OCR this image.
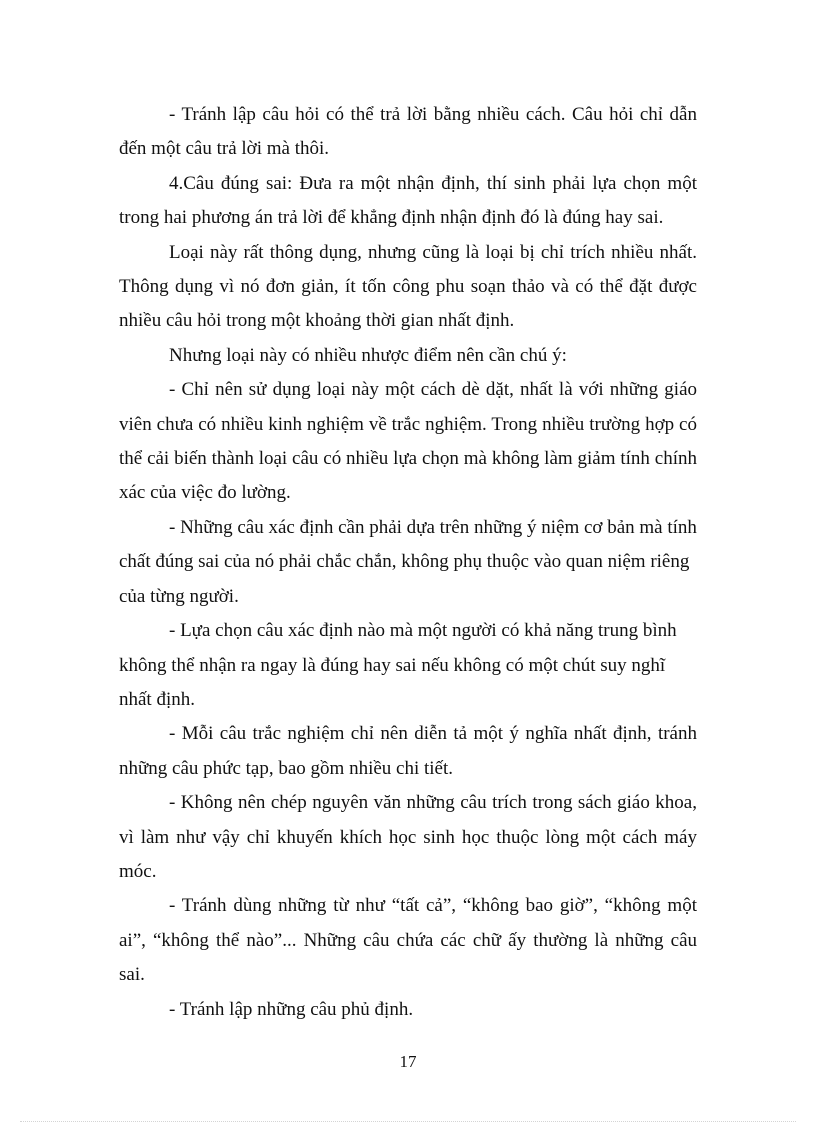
- Tránh lập câu hỏi có thể trả lời bằng nhiều cách. Câu hỏi chỉ dẫn đến một câu trả lời mà thôi.

4.Câu đúng sai: Đưa ra một nhận định, thí sinh phải lựa chọn một trong hai phương án trả lời để khẳng định nhận định đó là đúng hay sai.

Loại này rất thông dụng, nhưng cũng là loại bị chỉ trích nhiều nhất. Thông dụng vì nó đơn giản, ít tốn công phu soạn thảo và có thể đặt được nhiều câu hỏi trong một khoảng thời gian nhất định.

Nhưng loại này có nhiều nhược điểm nên cần chú ý:

- Chỉ nên sử dụng loại này một cách dè dặt, nhất là với những giáo viên chưa có nhiều kinh nghiệm về trắc nghiệm. Trong nhiều trường hợp có thể cải biến thành loại câu có nhiều lựa chọn mà không làm giảm tính chính xác của việc đo lường.

- Những câu xác định cần phải dựa trên những ý niệm cơ bản mà tính chất đúng sai của nó phải chắc chắn, không phụ thuộc vào quan niệm riêng của từng người.

- Lựa chọn câu xác định nào mà một người có khả năng trung bình không thể nhận ra ngay là đúng hay sai nếu không có một chút suy nghĩ nhất định.

- Mỗi câu trắc nghiệm chỉ nên diễn tả một ý nghĩa nhất định, tránh những câu phức tạp, bao gồm nhiều chi tiết.

- Không nên chép nguyên văn những câu trích trong sách giáo khoa, vì làm như vậy chỉ khuyến khích học sinh học thuộc lòng một cách máy móc.

- Tránh dùng những từ như “tất cả”, “không bao giờ”, “không một ai”, “không thể nào”... Những câu chứa các chữ ấy thường là những câu sai.

- Tránh lập những câu phủ định.

17
